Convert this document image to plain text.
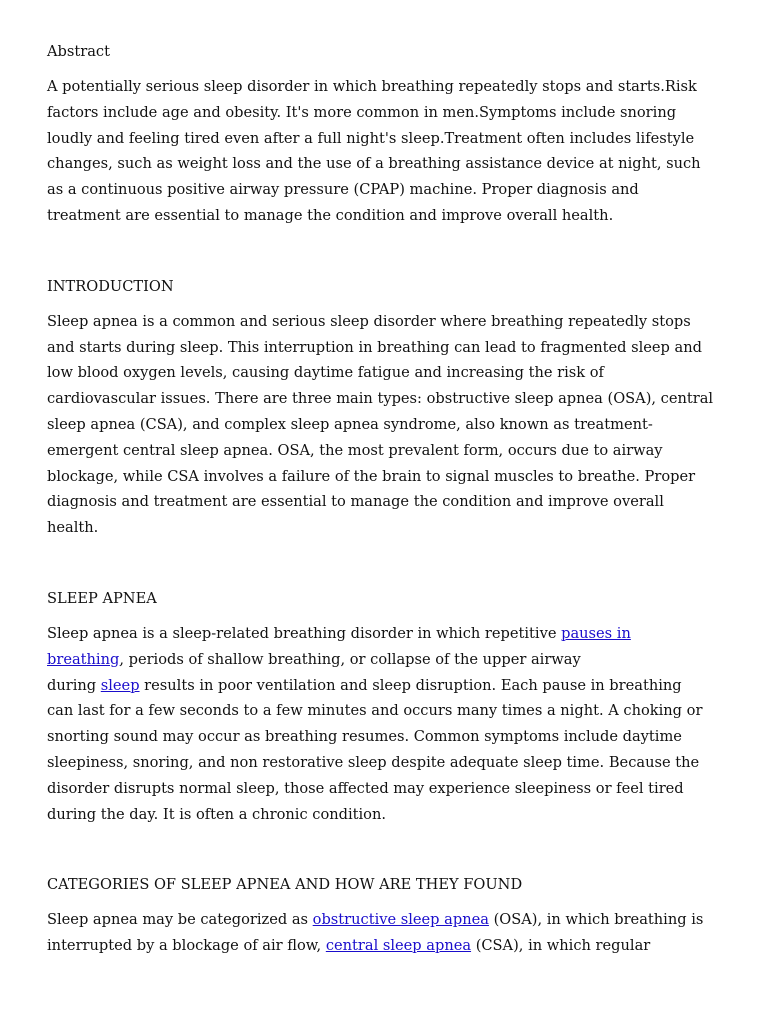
Abstract

A potentially serious sleep disorder in which breathing repeatedly stops and starts.Risk
factors include age and obesity. It's more common in men.Symptoms include snoring
loudly and feeling tired even after a full night's sleep.Treatment often includes lifestyle
changes, such as weight loss and the use of a breathing assistance device at night, such
as a continuous positive airway pressure (CPAP) machine. Proper diagnosis and
treatment are essential to manage the condition and improve overall health.

INTRODUCTION

Sleep apnea is a common and serious sleep disorder where breathing repeatedly stops
and starts during sleep. This interruption in breathing can lead to fragmented sleep and
low blood oxygen levels, causing daytime fatigue and increasing the risk of
cardiovascular issues. There are three main types: obstructive sleep apnea (OSA), central
sleep apnea (CSA), and complex sleep apnea syndrome, also known as treatment-
emergent central sleep apnea. OSA, the most prevalent form, occurs due to airway
blockage, while CSA involves a failure of the brain to signal muscles to breathe. Proper
diagnosis and treatment are essential to manage the condition and improve overall
health.

SLEEP APNEA

Sleep apnea is a sleep-related breathing disorder in which repetitive pauses in
breathing, periods of shallow breathing, or collapse of the upper airway
during sleep results in poor ventilation and sleep disruption. Each pause in breathing
can last for a few seconds to a few minutes and occurs many times a night. A choking or
snorting sound may occur as breathing resumes. Common symptoms include daytime
sleepiness, snoring, and non restorative sleep despite adequate sleep time. Because the
disorder disrupts normal sleep, those affected may experience sleepiness or feel tired
during the day. It is often a chronic condition.

CATEGORIES OF SLEEP APNEA AND HOW ARE THEY FOUND

Sleep apnea may be categorized as obstructive sleep apnea (OSA), in which breathing is
interrupted by a blockage of air flow, central sleep apnea (CSA), in which regular
